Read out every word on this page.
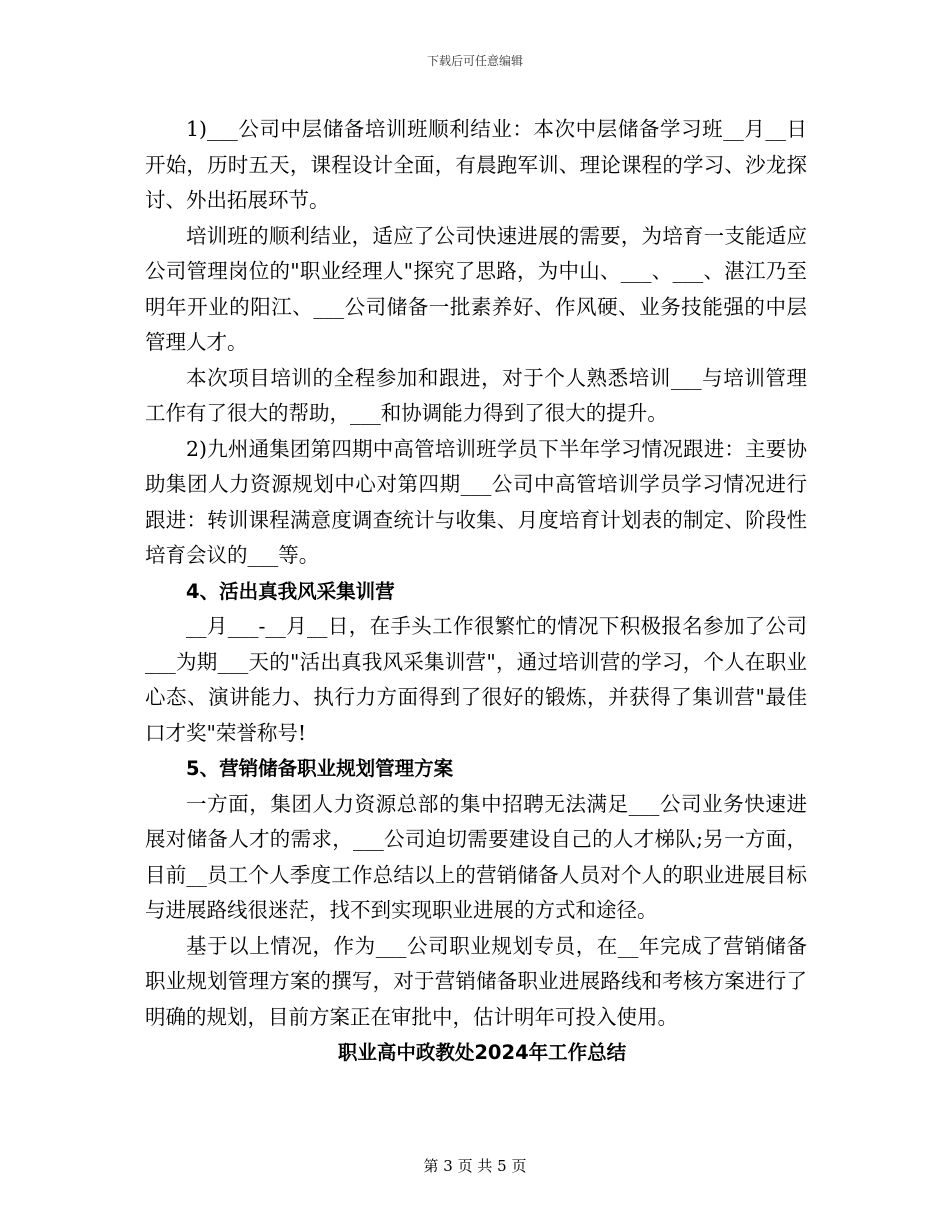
下载后可任意编辑

1)___公司中层储备培训班顺利结业：本次中层储备学习班__月__日开始，历时五天，课程设计全面，有晨跑军训、理论课程的学习、沙龙探讨、外出拓展环节。

培训班的顺利结业，适应了公司快速进展的需要，为培育一支能适应公司管理岗位的"职业经理人"探究了思路，为中山、___、___、湛江乃至明年开业的阳江、___公司储备一批素养好、作风硬、业务技能强的中层管理人才。

本次项目培训的全程参加和跟进，对于个人熟悉培训___与培训管理工作有了很大的帮助，___和协调能力得到了很大的提升。

2)九州通集团第四期中高管培训班学员下半年学习情况跟进：主要协助集团人力资源规划中心对第四期___公司中高管培训学员学习情况进行跟进：转训课程满意度调查统计与收集、月度培育计划表的制定、阶段性培育会议的___等。

4、活出真我风采集训营

__月___-__月__日，在手头工作很繁忙的情况下积极报名参加了公司___为期___天的"活出真我风采集训营"，通过培训营的学习，个人在职业心态、演讲能力、执行力方面得到了很好的锻炼，并获得了集训营"最佳口才奖"荣誉称号!

5、营销储备职业规划管理方案

一方面，集团人力资源总部的集中招聘无法满足___公司业务快速进展对储备人才的需求，___公司迫切需要建设自己的人才梯队;另一方面，目前__员工个人季度工作总结以上的营销储备人员对个人的职业进展目标与进展路线很迷茫，找不到实现职业进展的方式和途径。

基于以上情况，作为___公司职业规划专员，在__年完成了营销储备职业规划管理方案的撰写，对于营销储备职业进展路线和考核方案进行了明确的规划，目前方案正在审批中，估计明年可投入使用。

职业高中政教处2024年工作总结

第 3 页 共 5 页
